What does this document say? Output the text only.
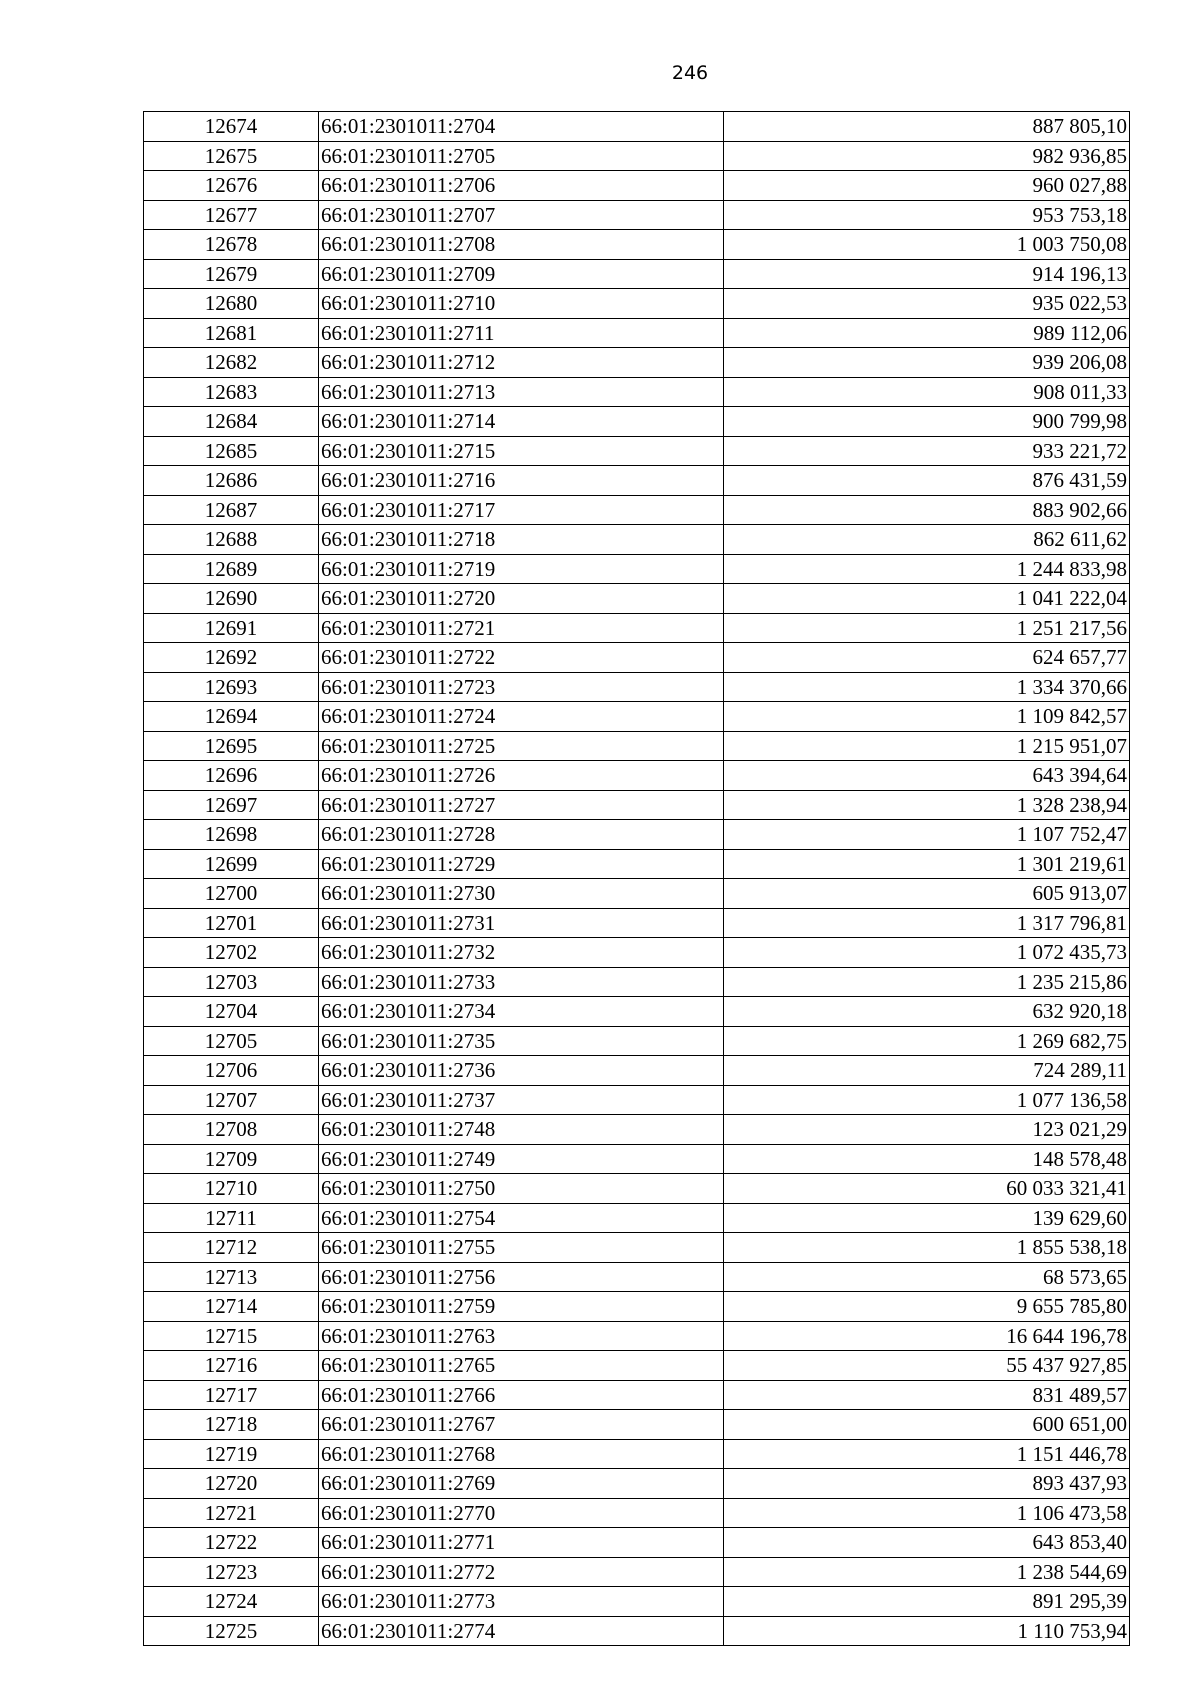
246
12674	66:01:2301011:2704	887 805,10
12675	66:01:2301011:2705	982 936,85
12676	66:01:2301011:2706	960 027,88
12677	66:01:2301011:2707	953 753,18
12678	66:01:2301011:2708	1 003 750,08
12679	66:01:2301011:2709	914 196,13
12680	66:01:2301011:2710	935 022,53
12681	66:01:2301011:2711	989 112,06
12682	66:01:2301011:2712	939 206,08
12683	66:01:2301011:2713	908 011,33
12684	66:01:2301011:2714	900 799,98
12685	66:01:2301011:2715	933 221,72
12686	66:01:2301011:2716	876 431,59
12687	66:01:2301011:2717	883 902,66
12688	66:01:2301011:2718	862 611,62
12689	66:01:2301011:2719	1 244 833,98
12690	66:01:2301011:2720	1 041 222,04
12691	66:01:2301011:2721	1 251 217,56
12692	66:01:2301011:2722	624 657,77
12693	66:01:2301011:2723	1 334 370,66
12694	66:01:2301011:2724	1 109 842,57
12695	66:01:2301011:2725	1 215 951,07
12696	66:01:2301011:2726	643 394,64
12697	66:01:2301011:2727	1 328 238,94
12698	66:01:2301011:2728	1 107 752,47
12699	66:01:2301011:2729	1 301 219,61
12700	66:01:2301011:2730	605 913,07
12701	66:01:2301011:2731	1 317 796,81
12702	66:01:2301011:2732	1 072 435,73
12703	66:01:2301011:2733	1 235 215,86
12704	66:01:2301011:2734	632 920,18
12705	66:01:2301011:2735	1 269 682,75
12706	66:01:2301011:2736	724 289,11
12707	66:01:2301011:2737	1 077 136,58
12708	66:01:2301011:2748	123 021,29
12709	66:01:2301011:2749	148 578,48
12710	66:01:2301011:2750	60 033 321,41
12711	66:01:2301011:2754	139 629,60
12712	66:01:2301011:2755	1 855 538,18
12713	66:01:2301011:2756	68 573,65
12714	66:01:2301011:2759	9 655 785,80
12715	66:01:2301011:2763	16 644 196,78
12716	66:01:2301011:2765	55 437 927,85
12717	66:01:2301011:2766	831 489,57
12718	66:01:2301011:2767	600 651,00
12719	66:01:2301011:2768	1 151 446,78
12720	66:01:2301011:2769	893 437,93
12721	66:01:2301011:2770	1 106 473,58
12722	66:01:2301011:2771	643 853,40
12723	66:01:2301011:2772	1 238 544,69
12724	66:01:2301011:2773	891 295,39
12725	66:01:2301011:2774	1 110 753,94
